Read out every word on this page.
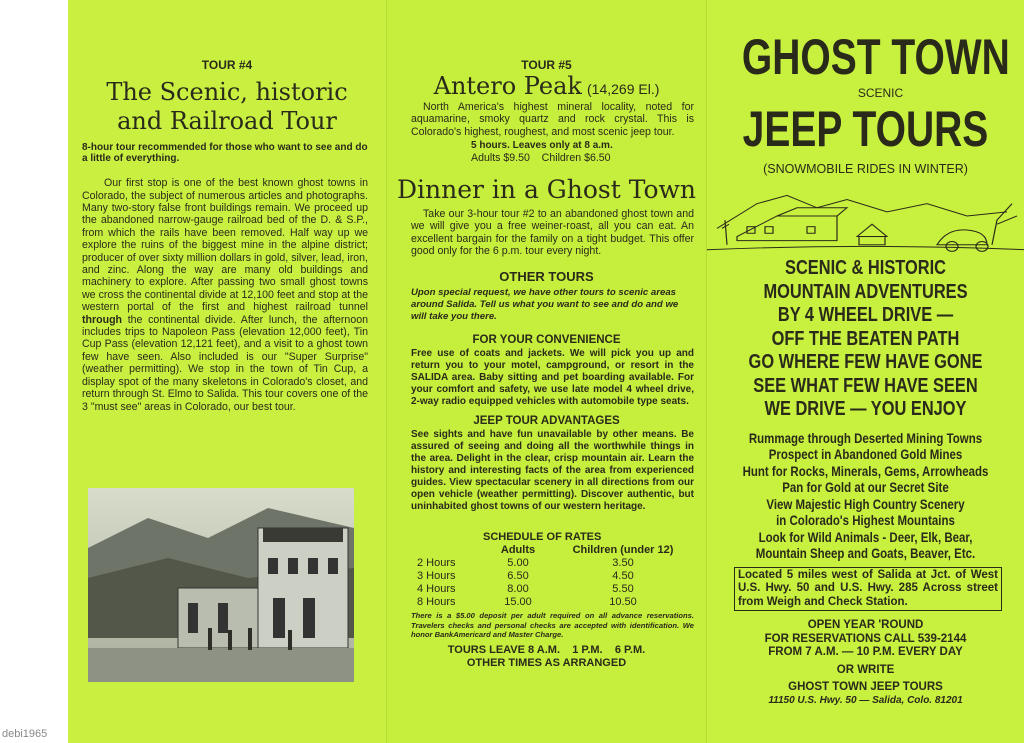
TOUR #4
The Scenic, historic
and Railroad Tour
8-hour tour recommended for those who want to see and do a little of everything.
Our first stop is one of the best known ghost towns in Colorado, the subject of numerous articles and photographs. Many two-story false front buildings remain. We proceed up the abandoned narrow-gauge railroad bed of the D. & S.P., from which the rails have been removed. Half way up we explore the ruins of the biggest mine in the alpine district; producer of over sixty million dollars in gold, silver, lead, iron, and zinc. Along the way are many old buildings and machinery to explore. After passing two small ghost towns we cross the continental divide at 12,100 feet and stop at the western portal of the first and highest railroad tunnel through the continental divide. After lunch, the afternoon includes trips to Napoleon Pass (elevation 12,000 feet), Tin Cup Pass (elevation 12,121 feet), and a visit to a ghost town few have seen. Also included is our "Super Surprise" (weather permitting). We stop in the town of Tin Cup, a display spot of the many skeletons in Colorado's closet, and return through St. Elmo to Salida. This tour covers one of the 3 "must see" areas in Colorado, our best tour.
TOUR #5
Antero Peak (14,269 El.)
North America's highest mineral locality, noted for aquamarine, smoky quartz and rock crystal. This is Colorado's highest, roughest, and most scenic jeep tour.
5 hours. Leaves only at 8 a.m.
Adults $9.50    Children $6.50
Dinner in a Ghost Town
Take our 3-hour tour #2 to an abandoned ghost town and we will give you a free weiner-roast, all you can eat. An excellent bargain for the family on a tight budget. This offer good only for the 6 p.m. tour every night.
OTHER TOURS
Upon special request, we have other tours to scenic areas around Salida. Tell us what you want to see and do and we will take you there.
FOR YOUR CONVENIENCE
Free use of coats and jackets. We will pick you up and return you to your motel, campground, or resort in the SALIDA area. Baby sitting and pet boarding available. For your comfort and safety, we use late model 4 wheel drive, 2-way radio equipped vehicles with automobile type seats.
JEEP TOUR ADVANTAGES
See sights and have fun unavailable by other means. Be assured of seeing and doing all the worthwhile things in the area. Delight in the clear, crisp mountain air. Learn the history and interesting facts of the area from experienced guides. View spectacular scenery in all directions from our open vehicle (weather permitting). Discover authentic, but uninhabited ghost towns of our western heritage.
SCHEDULE OF RATES
	Adults	Children (under 12)
2 Hours	5.00	3.50
3 Hours	6.50	4.50
4 Hours	8.00	5.50
8 Hours	15.00	10.50
There is a $5.00 deposit per adult required on all advance reservations. Travelers checks and personal checks are accepted with identification. We honor BankAmericard and Master Charge.
TOURS LEAVE 8 A.M.    1 P.M.    6 P.M.
OTHER TIMES AS ARRANGED
GHOST TOWN
SCENIC
JEEP TOURS
(SNOWMOBILE RIDES IN WINTER)
SCENIC & HISTORIC
MOUNTAIN ADVENTURES
BY 4 WHEEL DRIVE —
OFF THE BEATEN PATH
GO WHERE FEW HAVE GONE
SEE WHAT FEW HAVE SEEN
WE DRIVE — YOU ENJOY
Rummage through Deserted Mining Towns
Prospect in Abandoned Gold Mines
Hunt for Rocks, Minerals, Gems, Arrowheads
Pan for Gold at our Secret Site
View Majestic High Country Scenery
in Colorado's Highest Mountains
Look for Wild Animals - Deer, Elk, Bear,
Mountain Sheep and Goats, Beaver, Etc.
Located 5 miles west of Salida at Jct. of West U.S. Hwy. 50 and U.S. Hwy. 285 Across street from Weigh and Check Station.
OPEN YEAR 'ROUND
FOR RESERVATIONS CALL 539-2144
FROM 7 A.M. — 10 P.M. EVERY DAY
OR WRITE
GHOST TOWN JEEP TOURS
11150 U.S. Hwy. 50 — Salida, Colo. 81201
debi1965
